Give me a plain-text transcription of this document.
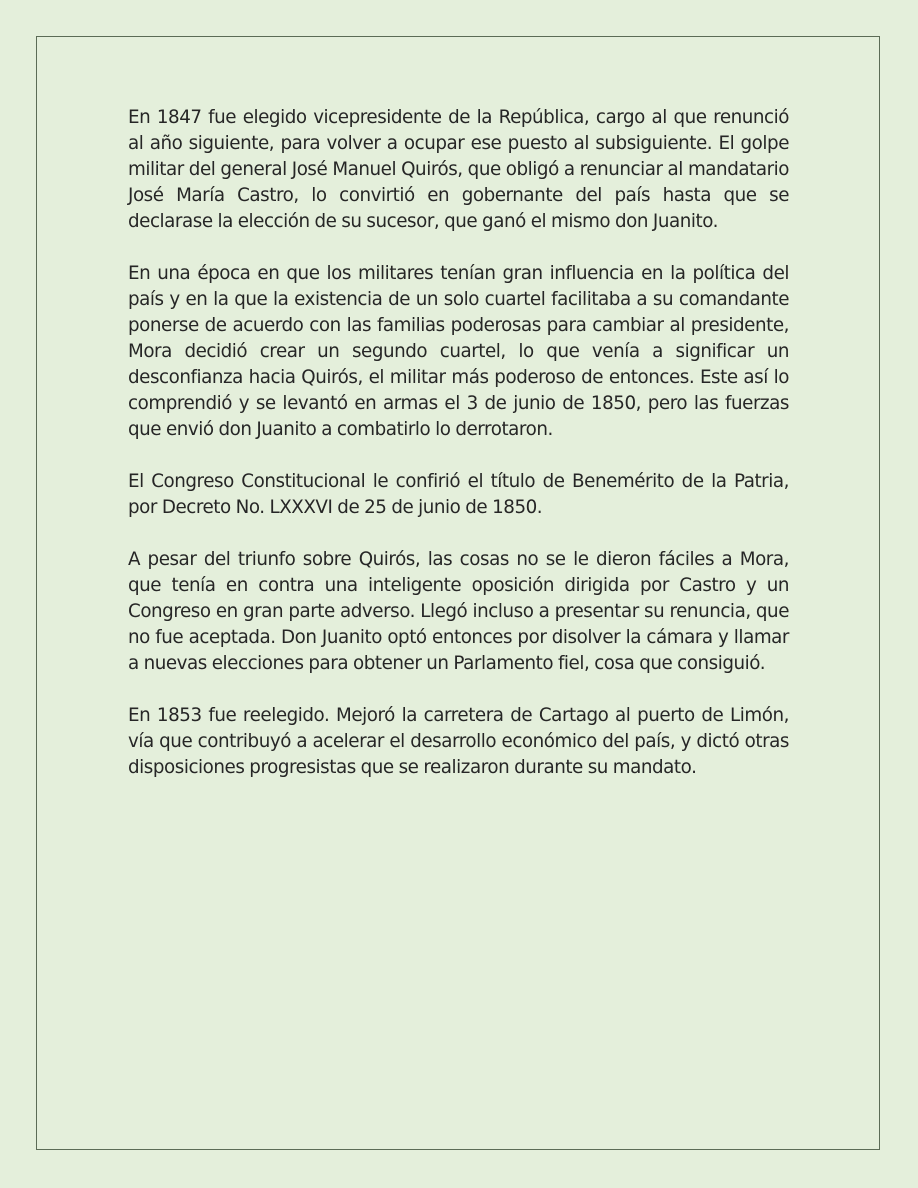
En 1847 fue elegido vicepresidente de la República, cargo al que renunció al año siguiente, para volver a ocupar ese puesto al subsiguiente. El golpe militar del general José Manuel Quirós, que obligó a renunciar al mandatario José María Castro, lo convirtió en gobernante del país hasta que se declarase la elección de su sucesor, que ganó el mismo don Juanito.

En una época en que los militares tenían gran influencia en la política del país y en la que la existencia de un solo cuartel facilitaba a su comandante ponerse de acuerdo con las familias poderosas para cambiar al presidente, Mora decidió crear un segundo cuartel, lo que venía a significar un desconfianza hacia Quirós, el militar más poderoso de entonces. Este así lo comprendió y se levantó en armas el 3 de junio de 1850, pero las fuerzas que envió don Juanito a combatirlo lo derrotaron.

El Congreso Constitucional le confirió el título de Benemérito de la Patria, por Decreto No. LXXXVI de 25 de junio de 1850.

A pesar del triunfo sobre Quirós, las cosas no se le dieron fáciles a Mora, que tenía en contra una inteligente oposición dirigida por Castro y un Congreso en gran parte adverso. Llegó incluso a presentar su renuncia, que no fue aceptada. Don Juanito optó entonces por disolver la cámara y llamar a nuevas elecciones para obtener un Parlamento fiel, cosa que consiguió.

En 1853 fue reelegido. Mejoró la carretera de Cartago al puerto de Limón, vía que contribuyó a acelerar el desarrollo económico del país, y dictó otras disposiciones progresistas que se realizaron durante su mandato.
